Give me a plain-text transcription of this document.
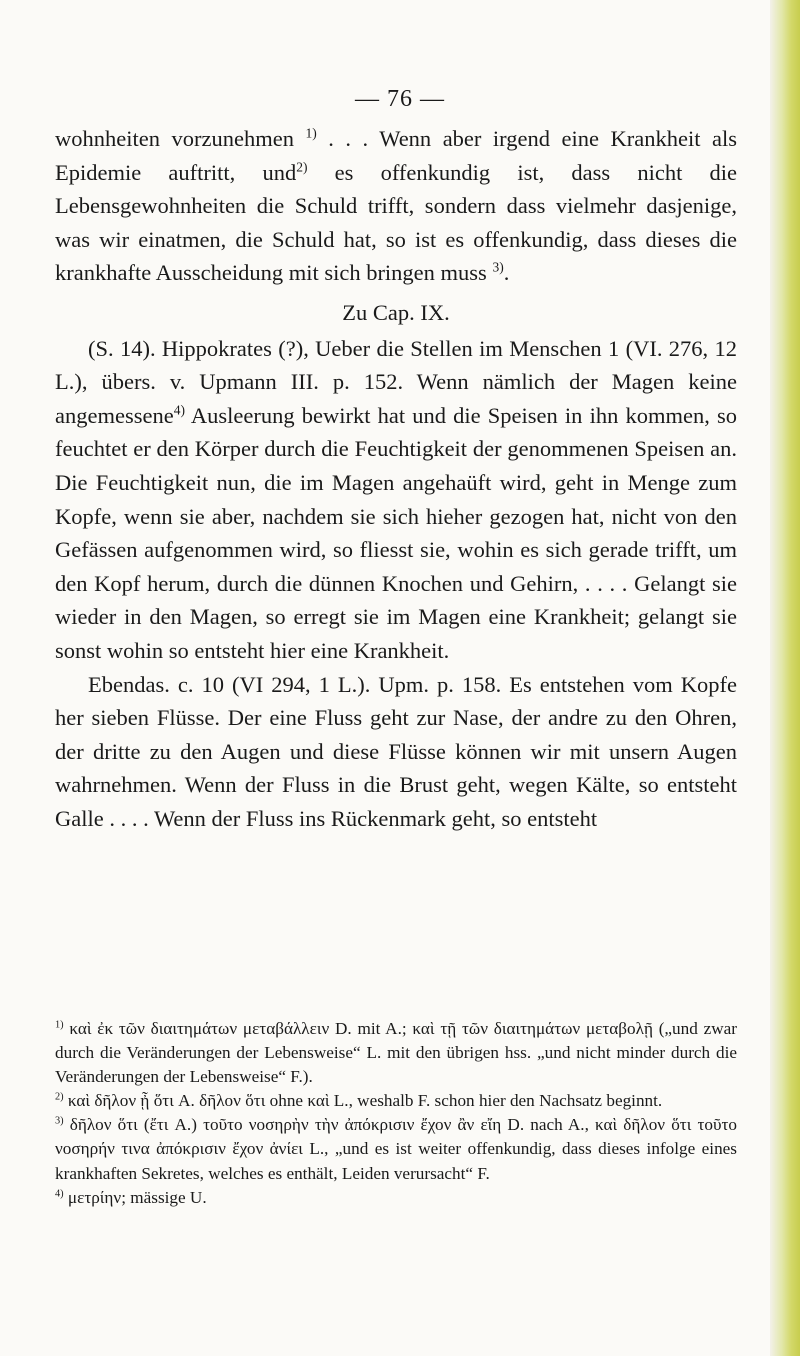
— 76 —

wohnheiten vorzunehmen $^{1)}$ . . . Wenn aber irgend eine Krankheit als Epidemie auftritt, und$^{2)}$ es offenkundig ist, dass nicht die Lebensgewohnheiten die Schuld trifft, sondern dass vielmehr dasjenige, was wir einatmen, die Schuld hat, so ist es offenkundig, dass dieses die krankhafte Ausscheidung mit sich bringen muss $^{3)}$.

Zu Cap. IX.

(S. 14). Hippokrates (?), Ueber die Stellen im Menschen 1 (VI. 276, 12 L.), übers. v. Upmann III. p. 152. Wenn nämlich der Magen keine angemessene$^{4)}$ Ausleerung bewirkt hat und die Speisen in ihn kommen, so feuchtet er den Körper durch die Feuchtigkeit der genommenen Speisen an. Die Feuchtigkeit nun, die im Magen angehaüft wird, geht in Menge zum Kopfe, wenn sie aber, nachdem sie sich hieher gezogen hat, nicht von den Gefässen aufgenommen wird, so fliesst sie, wohin es sich gerade trifft, um den Kopf herum, durch die dünnen Knochen und Gehirn, . . . . Gelangt sie wieder in den Magen, so erregt sie im Magen eine Krankheit; gelangt sie sonst wohin so entsteht hier eine Krankheit.

Ebendas. c. 10 (VI 294, 1 L.). Upm. p. 158. Es entstehen vom Kopfe her sieben Flüsse. Der eine Fluss geht zur Nase, der andre zu den Ohren, der dritte zu den Augen und diese Flüsse können wir mit unsern Augen wahrnehmen. Wenn der Fluss in die Brust geht, wegen Kälte, so entsteht Galle . . . . Wenn der Fluss ins Rückenmark geht, so entsteht

$^{1)}$ καὶ ἐκ τῶν διαιτημάτων μεταβάλλειν D. mit A.; καὶ τῇ τῶν διαιτημάτων μεταβολῇ („und zwar durch die Veränderungen der Lebensweise“ L. mit den übrigen hss. „und nicht minder durch die Veränderungen der Lebensweise“ F.).

$^{2)}$ καὶ δῆλον ᾖ ὅτι A. δῆλον ὅτι ohne καὶ L., weshalb F. schon hier den Nachsatz beginnt.

$^{3)}$ δῆλον ὅτι (ἔτι A.) τοῦτο νοσηρὴν τὴν ἀπόκρισιν ἔχον ἂν εἴη D. nach A., καὶ δῆλον ὅτι τοῦτο νοσηρήν τινα ἀπόκρισιν ἔχον ἀνίει L., „und es ist weiter offenkundig, dass dieses infolge eines krankhaften Sekretes, welches es enthält, Leiden verursacht“ F.

$^{4)}$ μετρίην; mässige U.
